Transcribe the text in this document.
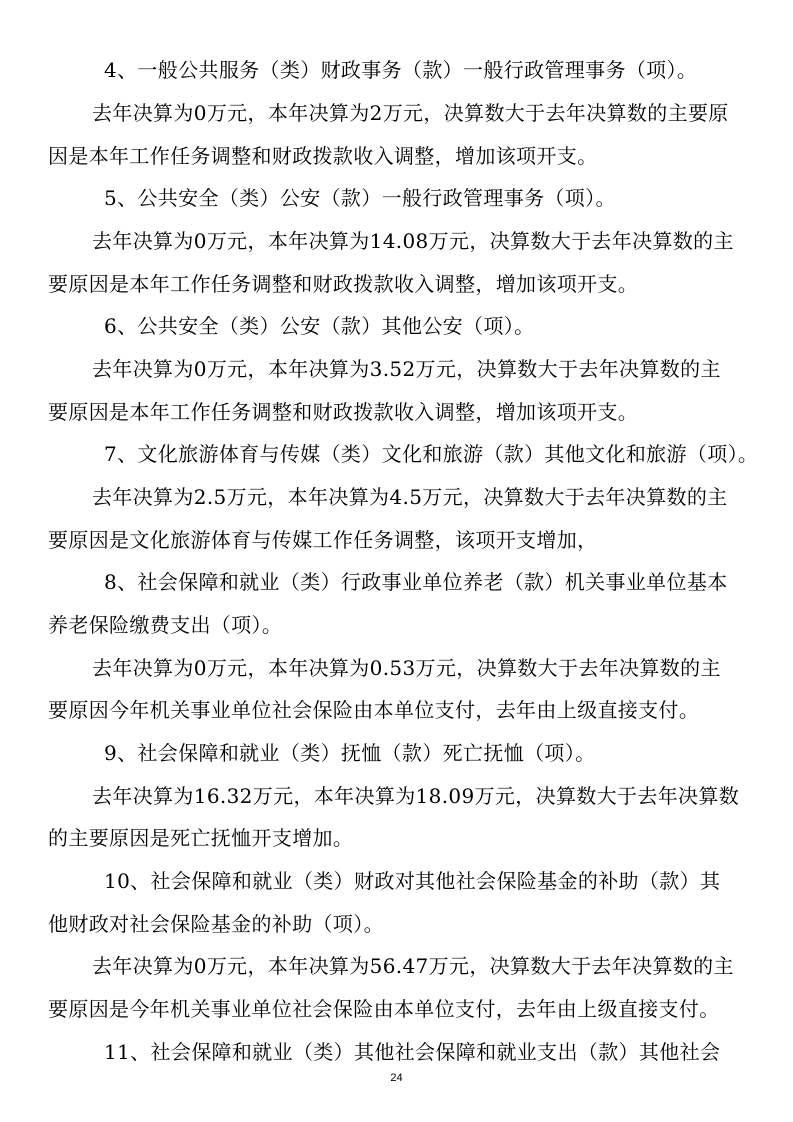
4、一般公共服务（类）财政事务（款）一般行政管理事务（项）。
去年决算为0万元，本年决算为2万元，决算数大于去年决算数的主要原
因是本年工作任务调整和财政拨款收入调整，增加该项开支。
5、公共安全（类）公安（款）一般行政管理事务（项）。
去年决算为0万元，本年决算为14.08万元，决算数大于去年决算数的主
要原因是本年工作任务调整和财政拨款收入调整，增加该项开支。
6、公共安全（类）公安（款）其他公安（项）。
去年决算为0万元，本年决算为3.52万元，决算数大于去年决算数的主
要原因是本年工作任务调整和财政拨款收入调整，增加该项开支。
7、文化旅游体育与传媒（类）文化和旅游（款）其他文化和旅游（项）。
去年决算为2.5万元，本年决算为4.5万元，决算数大于去年决算数的主
要原因是文化旅游体育与传媒工作任务调整，该项开支增加，
8、社会保障和就业（类）行政事业单位养老（款）机关事业单位基本
养老保险缴费支出（项）。
去年决算为0万元，本年决算为0.53万元，决算数大于去年决算数的主
要原因今年机关事业单位社会保险由本单位支付，去年由上级直接支付。
9、社会保障和就业（类）抚恤（款）死亡抚恤（项）。
去年决算为16.32万元，本年决算为18.09万元，决算数大于去年决算数
的主要原因是死亡抚恤开支增加。
10、社会保障和就业（类）财政对其他社会保险基金的补助（款）其
他财政对社会保险基金的补助（项）。
去年决算为0万元，本年决算为56.47万元，决算数大于去年决算数的主
要原因是今年机关事业单位社会保险由本单位支付，去年由上级直接支付。
11、社会保障和就业（类）其他社会保障和就业支出（款）其他社会
24
